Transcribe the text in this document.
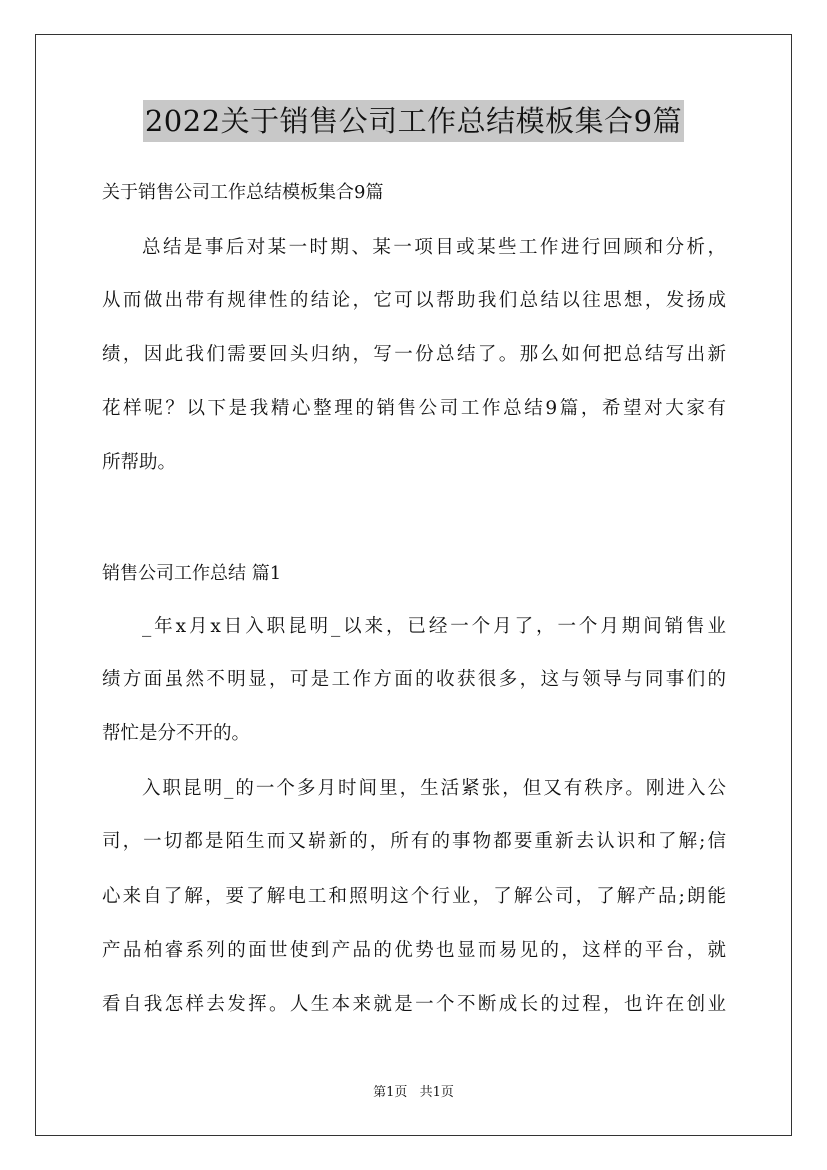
2022关于销售公司工作总结模板集合9篇
关于销售公司工作总结模板集合9篇
总结是事后对某一时期、某一项目或某些工作进行回顾和分析，
从而做出带有规律性的结论，它可以帮助我们总结以往思想，发扬成
绩，因此我们需要回头归纳，写一份总结了。那么如何把总结写出新
花样呢？以下是我精心整理的销售公司工作总结9篇，希望对大家有
所帮助。
销售公司工作总结 篇1
_年x月x日入职昆明_以来，已经一个月了，一个月期间销售业
绩方面虽然不明显，可是工作方面的收获很多，这与领导与同事们的
帮忙是分不开的。
入职昆明_的一个多月时间里，生活紧张，但又有秩序。刚进入公
司，一切都是陌生而又崭新的，所有的事物都要重新去认识和了解;信
心来自了解，要了解电工和照明这个行业，了解公司，了解产品;朗能
产品柏睿系列的面世使到产品的优势也显而易见的，这样的平台，就
看自我怎样去发挥。人生本来就是一个不断成长的过程，也许在创业
第1页 共1页
